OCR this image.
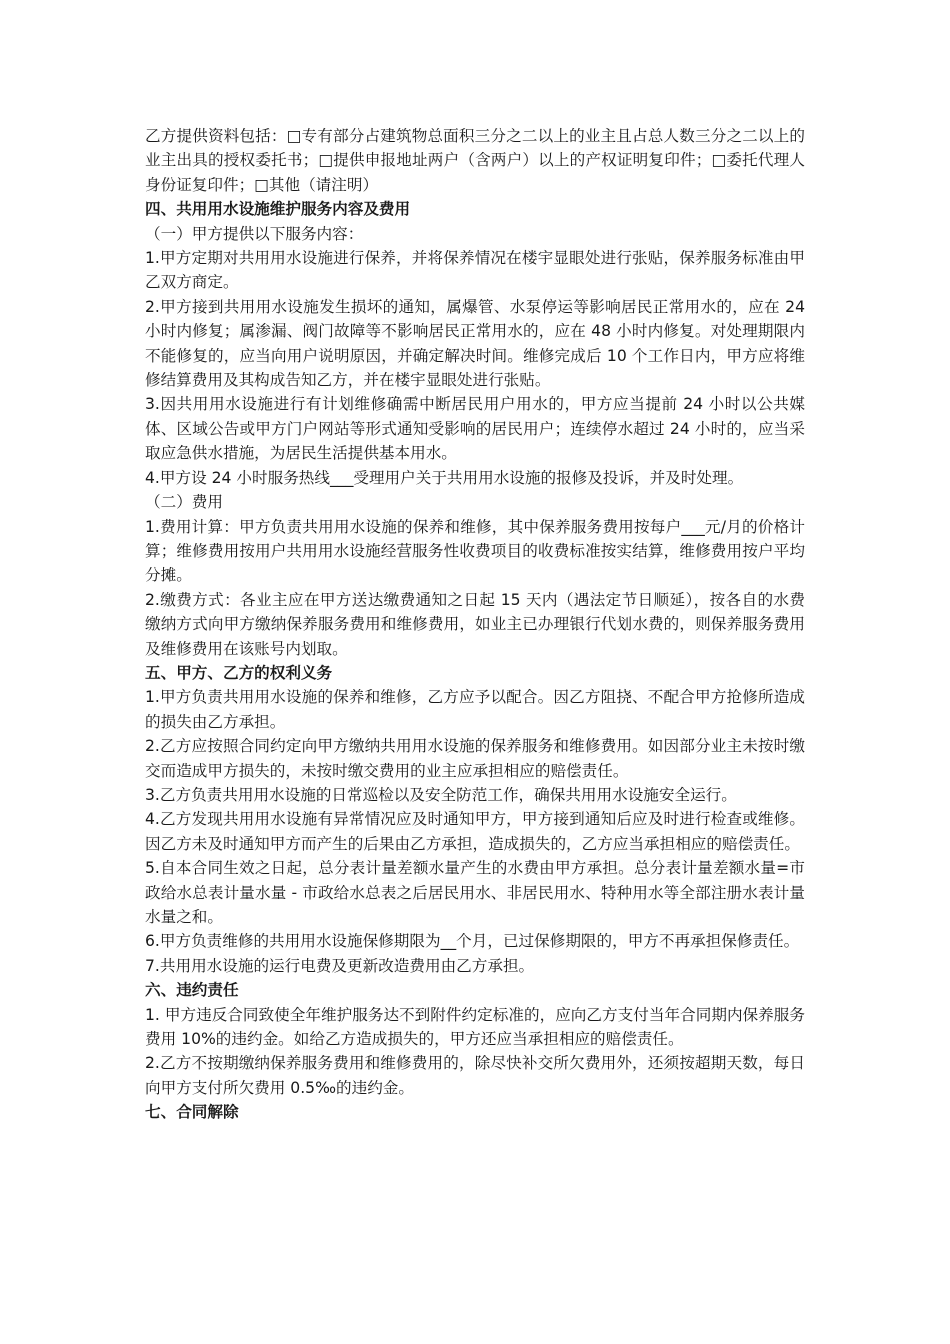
乙方提供资料包括：□专有部分占建筑物总面积三分之二以上的业主且占总人数三分之二以上的业主出具的授权委托书；□提供申报地址两户（含两户）以上的产权证明复印件；□委托代理人身份证复印件；□其他（请注明）

四、共用用水设施维护服务内容及费用

（一）甲方提供以下服务内容：

1.甲方定期对共用用水设施进行保养，并将保养情况在楼宇显眼处进行张贴，保养服务标准由甲乙双方商定。

2.甲方接到共用用水设施发生损坏的通知，属爆管、水泵停运等影响居民正常用水的，应在 24 小时内修复；属渗漏、阀门故障等不影响居民正常用水的，应在 48 小时内修复。对处理期限内不能修复的，应当向用户说明原因，并确定解决时间。维修完成后 10 个工作日内，甲方应将维修结算费用及其构成告知乙方，并在楼宇显眼处进行张贴。

3.因共用用水设施进行有计划维修确需中断居民用户用水的，甲方应当提前 24 小时以公共媒体、区域公告或甲方门户网站等形式通知受影响的居民用户；连续停水超过 24 小时的，应当采取应急供水措施，为居民生活提供基本用水。

4.甲方设 24 小时服务热线___受理用户关于共用用水设施的报修及投诉，并及时处理。

（二）费用

1.费用计算：甲方负责共用用水设施的保养和维修，其中保养服务费用按每户___元/月的价格计算；维修费用按用户共用用水设施经营服务性收费项目的收费标准按实结算，维修费用按户平均分摊。

2.缴费方式：各业主应在甲方送达缴费通知之日起 15 天内（遇法定节日顺延），按各自的水费缴纳方式向甲方缴纳保养服务费用和维修费用，如业主已办理银行代划水费的，则保养服务费用及维修费用在该账号内划取。

五、甲方、乙方的权利义务

1.甲方负责共用用水设施的保养和维修，乙方应予以配合。因乙方阻挠、不配合甲方抢修所造成的损失由乙方承担。

2.乙方应按照合同约定向甲方缴纳共用用水设施的保养服务和维修费用。如因部分业主未按时缴交而造成甲方损失的，未按时缴交费用的业主应承担相应的赔偿责任。

3.乙方负责共用用水设施的日常巡检以及安全防范工作，确保共用用水设施安全运行。

4.乙方发现共用用水设施有异常情况应及时通知甲方，甲方接到通知后应及时进行检查或维修。因乙方未及时通知甲方而产生的后果由乙方承担，造成损失的，乙方应当承担相应的赔偿责任。

5.自本合同生效之日起，总分表计量差额水量产生的水费由甲方承担。总分表计量差额水量=市政给水总表计量水量 - 市政给水总表之后居民用水、非居民用水、特种用水等全部注册水表计量水量之和。

6.甲方负责维修的共用用水设施保修期限为__个月，已过保修期限的，甲方不再承担保修责任。

7.共用用水设施的运行电费及更新改造费用由乙方承担。

六、违约责任

1. 甲方违反合同致使全年维护服务达不到附件约定标准的，应向乙方支付当年合同期内保养服务费用 10%的违约金。如给乙方造成损失的，甲方还应当承担相应的赔偿责任。

2.乙方不按期缴纳保养服务费用和维修费用的，除尽快补交所欠费用外，还须按超期天数，每日向甲方支付所欠费用 0.5‰的违约金。

七、合同解除
